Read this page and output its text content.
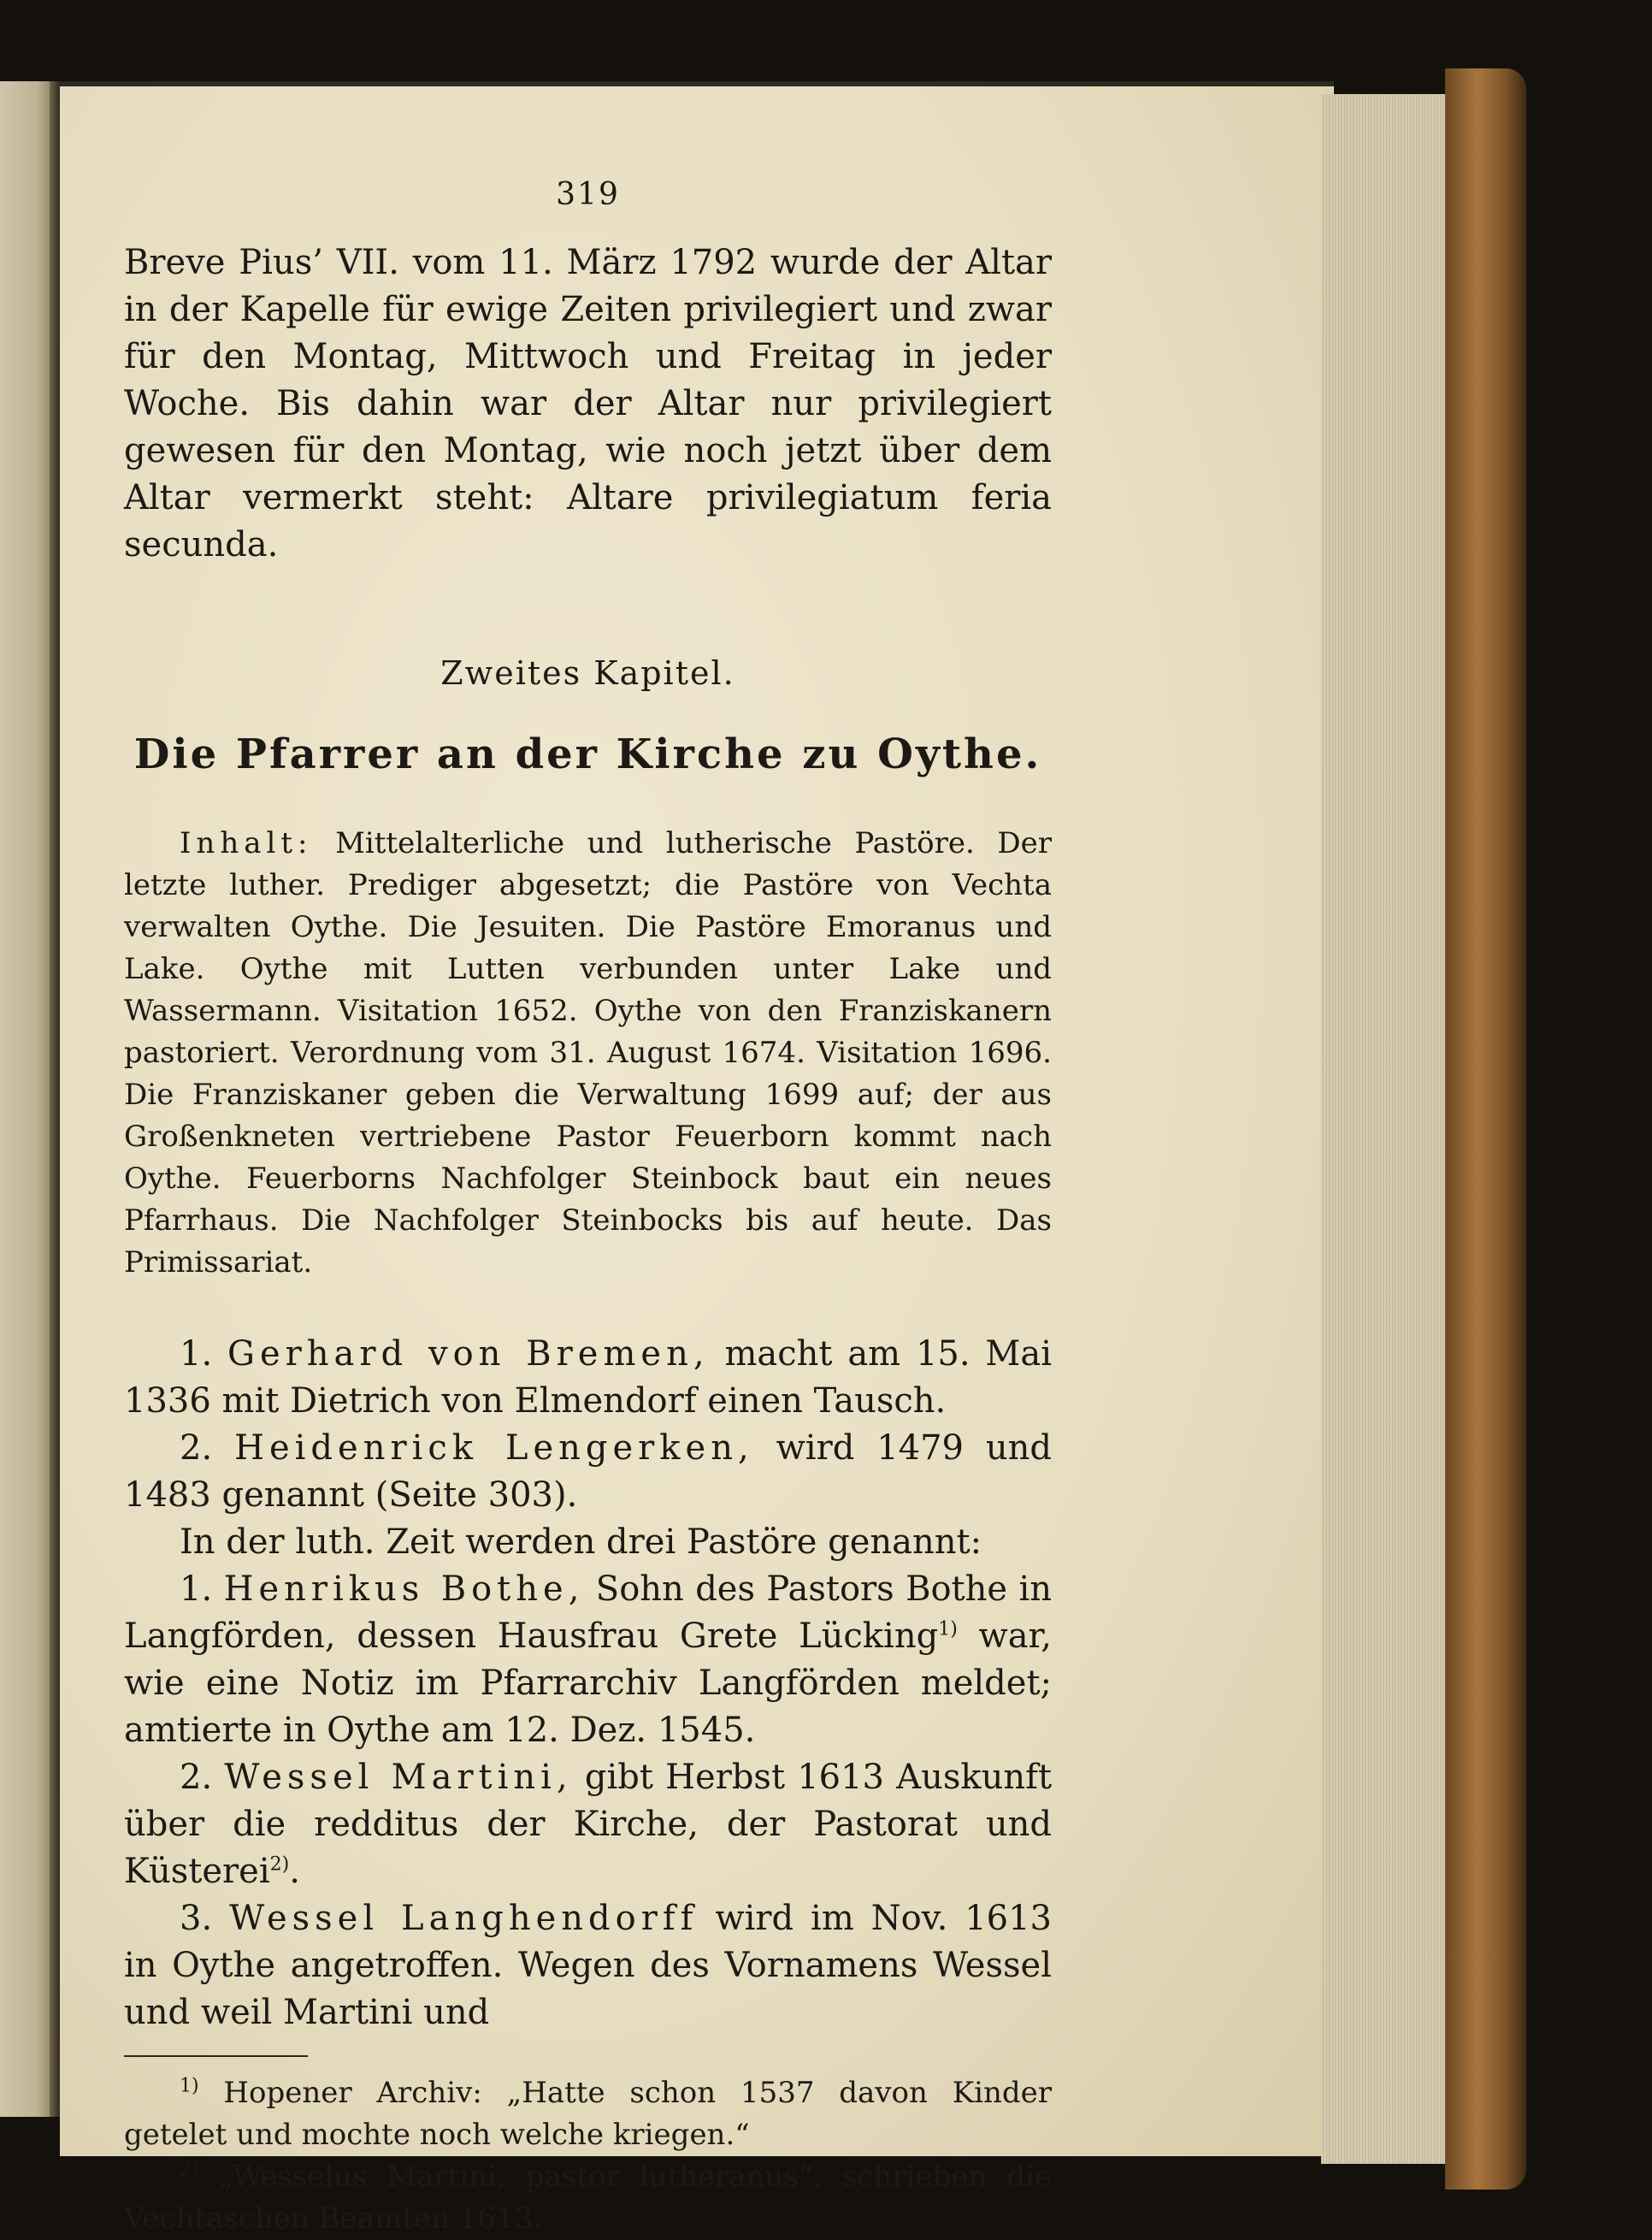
319

Breve Pius’ VII. vom 11. März 1792 wurde der Altar in der Kapelle für ewige Zeiten privilegiert und zwar für den Montag, Mittwoch und Freitag in jeder Woche. Bis dahin war der Altar nur privilegiert gewesen für den Montag, wie noch jetzt über dem Altar vermerkt steht: Altare privilegiatum feria secunda.

Zweites Kapitel.
Die Pfarrer an der Kirche zu Oythe.

Inhalt: Mittelalterliche und lutherische Pastöre. Der letzte luther. Prediger abgesetzt; die Pastöre von Vechta verwalten Oythe. Die Jesuiten. Die Pastöre Emoranus und Lake. Oythe mit Lutten verbunden unter Lake und Wassermann. Visitation 1652. Oythe von den Franziskanern pastoriert. Verordnung vom 31. August 1674. Visitation 1696. Die Franziskaner geben die Verwaltung 1699 auf; der aus Großenkneten vertriebene Pastor Feuerborn kommt nach Oythe. Feuerborns Nachfolger Steinbock baut ein neues Pfarrhaus. Die Nachfolger Steinbocks bis auf heute. Das Primissariat.

1. Gerhard von Bremen, macht am 15. Mai 1336 mit Dietrich von Elmendorf einen Tausch.

2. Heidenrick Lengerken, wird 1479 und 1483 genannt (Seite 303).

In der luth. Zeit werden drei Pastöre genannt:

1. Henrikus Bothe, Sohn des Pastors Bothe in Langförden, dessen Hausfrau Grete Lücking$^{1)}$ war, wie eine Notiz im Pfarrarchiv Langförden meldet; amtierte in Oythe am 12. Dez. 1545.

2. Wessel Martini, gibt Herbst 1613 Auskunft über die redditus der Kirche, der Pastorat und Küsterei$^{2)}$.

3. Wessel Langhendorff wird im Nov. 1613 in Oythe angetroffen. Wegen des Vornamens Wessel und weil Martini und

$^{1)}$ Hopener Archiv: „Hatte schon 1537 davon Kinder getelet und mochte noch welche kriegen.“

$^{2)}$ „Wesselus Martini, pastor lutheranus“, schrieben die Vechtaschen Beamten 1613.
